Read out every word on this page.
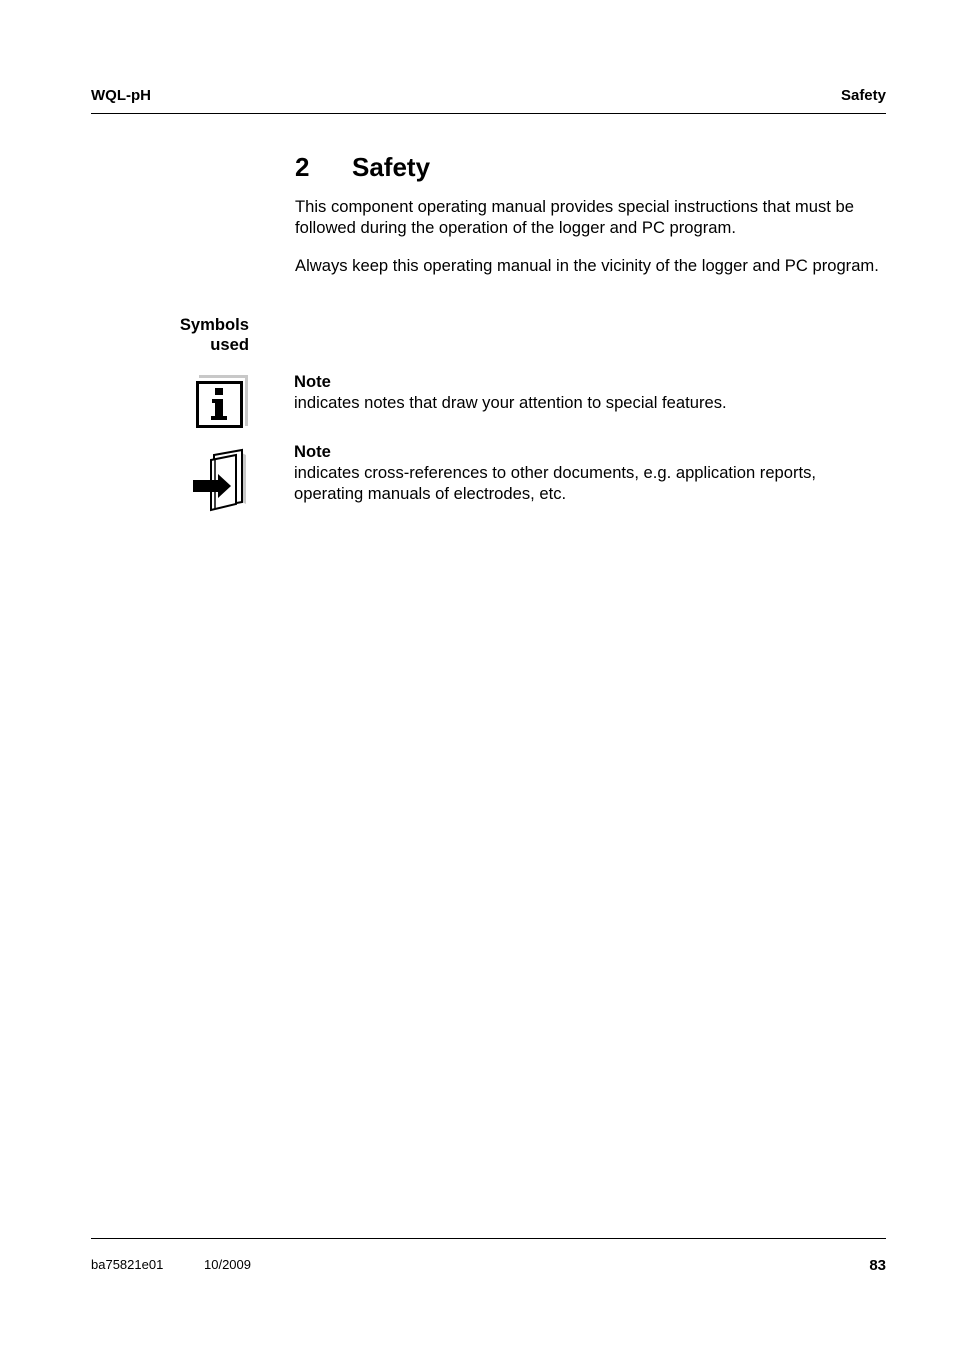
WQL-pH	Safety
2 Safety
This component operating manual provides special instructions that must be followed during the operation of the logger and PC program.
Always keep this operating manual in the vicinity of the logger and PC program.
Symbols
used
Note
indicates notes that draw your attention to special features.
Note
indicates cross-references to other documents, e.g. application reports, operating manuals of electrodes, etc.
ba75821e01	10/2009	83
